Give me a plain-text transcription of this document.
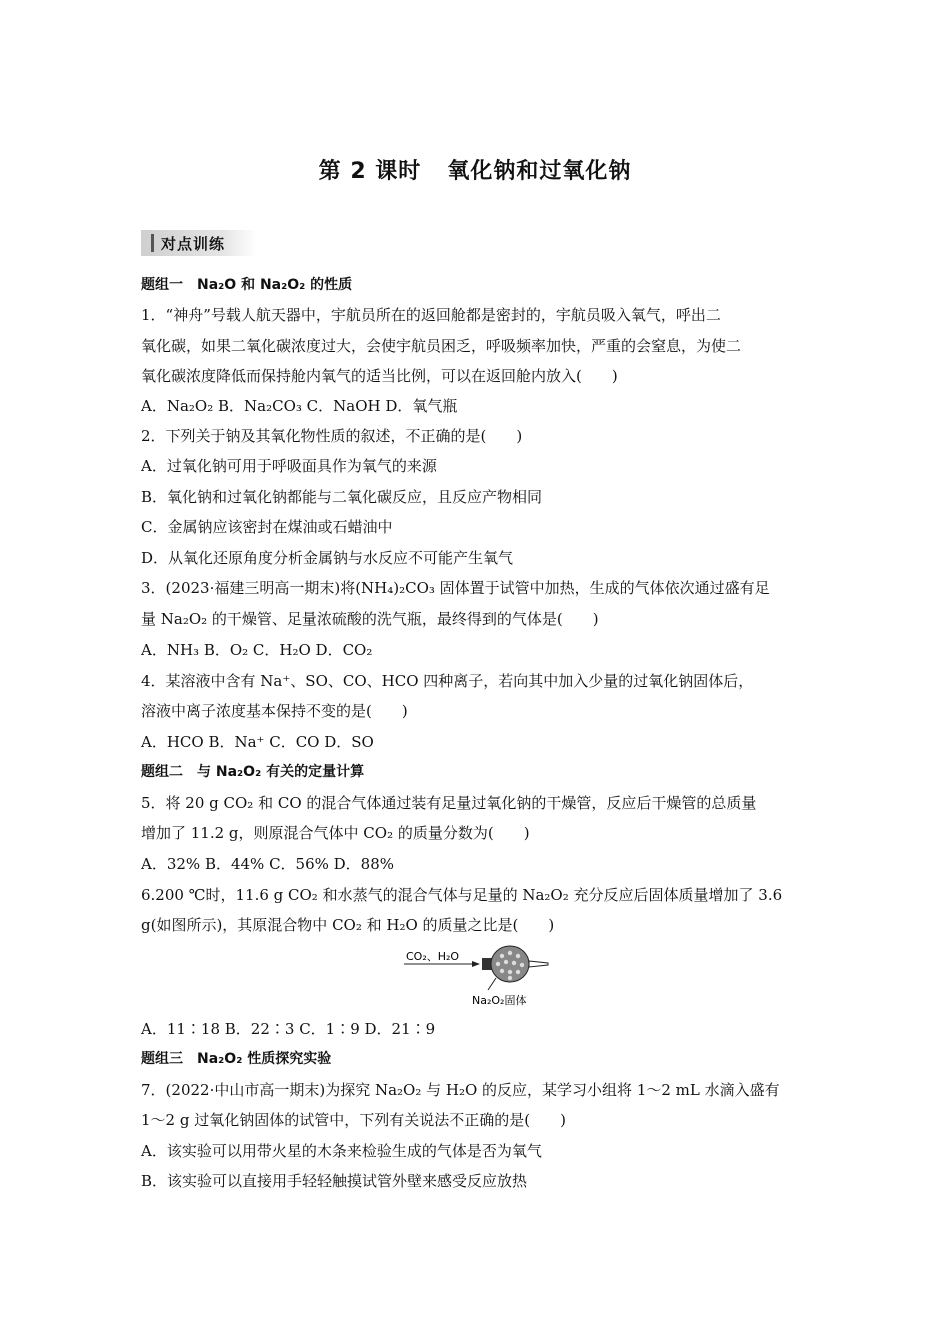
第 2 课时 氧化钠和过氧化钠
对点训练
题组一　Na₂O 和 Na₂O₂ 的性质
1．“神舟”号载人航天器中，宇航员所在的返回舱都是密封的，宇航员吸入氧气，呼出二
氧化碳，如果二氧化碳浓度过大，会使宇航员困乏，呼吸频率加快，严重的会窒息，为使二
氧化碳浓度降低而保持舱内氧气的适当比例，可以在返回舱内放入(　　)
A．Na₂O₂ B．Na₂CO₃ C．NaOH D．氧气瓶
2．下列关于钠及其氧化物性质的叙述，不正确的是(　　)
A．过氧化钠可用于呼吸面具作为氧气的来源
B．氧化钠和过氧化钠都能与二氧化碳反应，且反应产物相同
C．金属钠应该密封在煤油或石蜡油中
D．从氧化还原角度分析金属钠与水反应不可能产生氧气
3．(2023·福建三明高一期末)将(NH₄)₂CO₃ 固体置于试管中加热，生成的气体依次通过盛有足
量 Na₂O₂ 的干燥管、足量浓硫酸的洗气瓶，最终得到的气体是(　　)
A．NH₃ B．O₂ C．H₂O D．CO₂
4．某溶液中含有 Na⁺、SO、CO、HCO 四种离子，若向其中加入少量的过氧化钠固体后，
溶液中离子浓度基本保持不变的是(　　)
A．HCO B．Na⁺ C．CO D．SO
题组二　与 Na₂O₂ 有关的定量计算
5．将 20 g CO₂ 和 CO 的混合气体通过装有足量过氧化钠的干燥管，反应后干燥管的总质量
增加了 11.2 g，则原混合气体中 CO₂ 的质量分数为(　　)
A．32% B．44% C．56% D．88%
6.200 ℃时，11.6 g CO₂ 和水蒸气的混合气体与足量的 Na₂O₂ 充分反应后固体质量增加了 3.6
g(如图所示)，其原混合物中 CO₂ 和 H₂O 的质量之比是(　　)
CO₂、H₂O
Na₂O₂固体
A．11∶18 B．22∶3 C．1∶9 D．21∶9
题组三　Na₂O₂ 性质探究实验
7．(2022·中山市高一期末)为探究 Na₂O₂ 与 H₂O 的反应，某学习小组将 1～2 mL 水滴入盛有
1～2 g 过氧化钠固体的试管中，下列有关说法不正确的是(　　)
A．该实验可以用带火星的木条来检验生成的气体是否为氧气
B．该实验可以直接用手轻轻触摸试管外壁来感受反应放热
